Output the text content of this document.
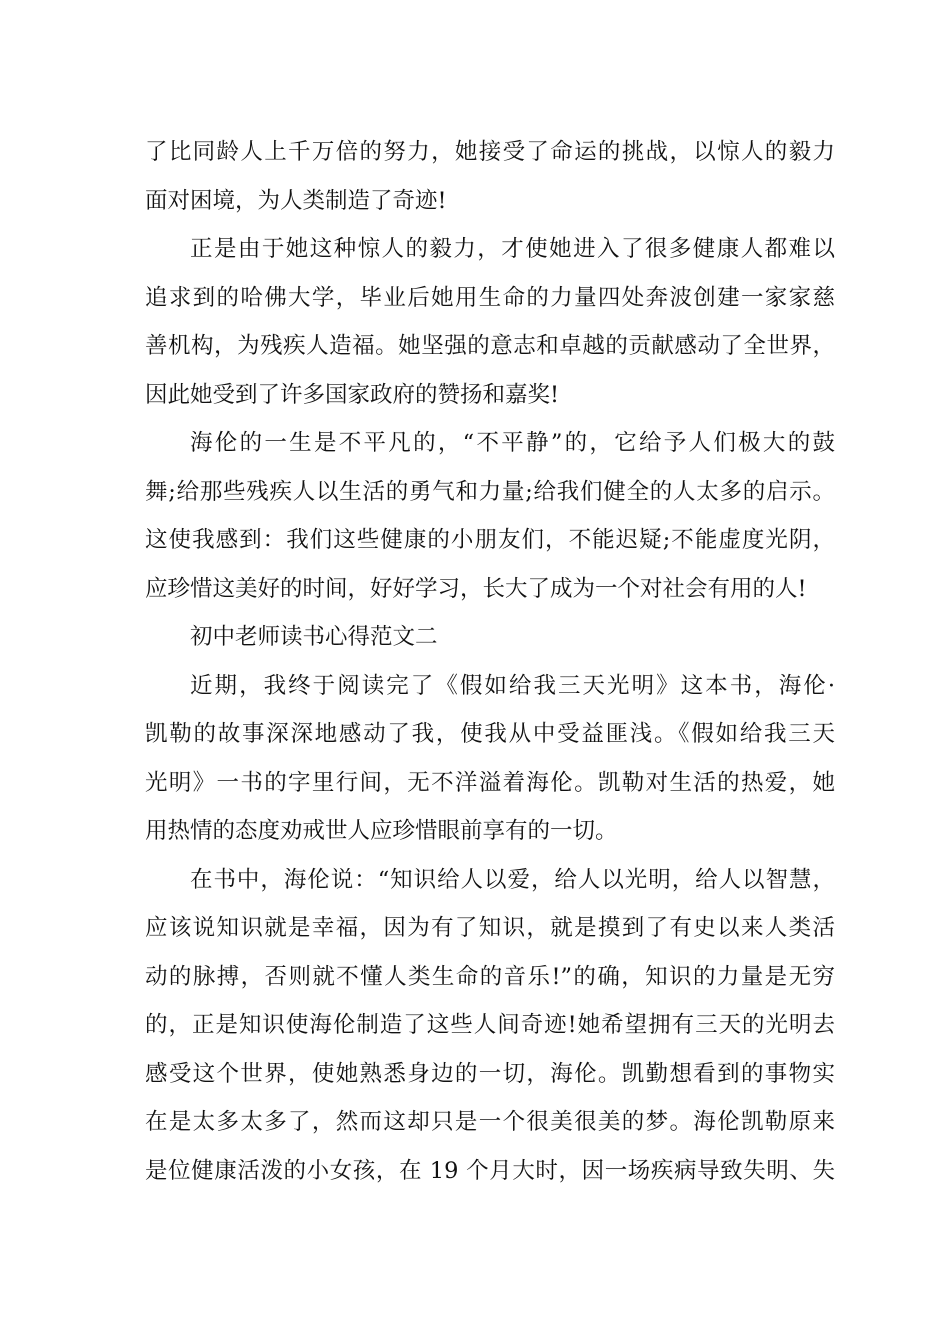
了比同龄人上千万倍的努力，她接受了命运的挑战，以惊人的毅力
面对困境，为人类制造了奇迹!
正是由于她这种惊人的毅力，才使她进入了很多健康人都难以
追求到的哈佛大学，毕业后她用生命的力量四处奔波创建一家家慈
善机构，为残疾人造福。她坚强的意志和卓越的贡献感动了全世界，
因此她受到了许多国家政府的赞扬和嘉奖!
海伦的一生是不平凡的，“不平静”的，它给予人们极大的鼓
舞;给那些残疾人以生活的勇气和力量;给我们健全的人太多的启示。
这使我感到：我们这些健康的小朋友们，不能迟疑;不能虚度光阴，
应珍惜这美好的时间，好好学习，长大了成为一个对社会有用的人!
初中老师读书心得范文二
近期，我终于阅读完了《假如给我三天光明》这本书，海伦·
凯勒的故事深深地感动了我，使我从中受益匪浅。《假如给我三天
光明》一书的字里行间，无不洋溢着海伦。凯勒对生活的热爱，她
用热情的态度劝戒世人应珍惜眼前享有的一切。
在书中，海伦说：“知识给人以爱，给人以光明，给人以智慧，
应该说知识就是幸福，因为有了知识，就是摸到了有史以来人类活
动的脉搏，否则就不懂人类生命的音乐!”的确，知识的力量是无穷
的，正是知识使海伦制造了这些人间奇迹!她希望拥有三天的光明去
感受这个世界，使她熟悉身边的一切，海伦。凯勤想看到的事物实
在是太多太多了，然而这却只是一个很美很美的梦。海伦凯勒原来
是位健康活泼的小女孩，在 19 个月大时，因一场疾病导致失明、失
